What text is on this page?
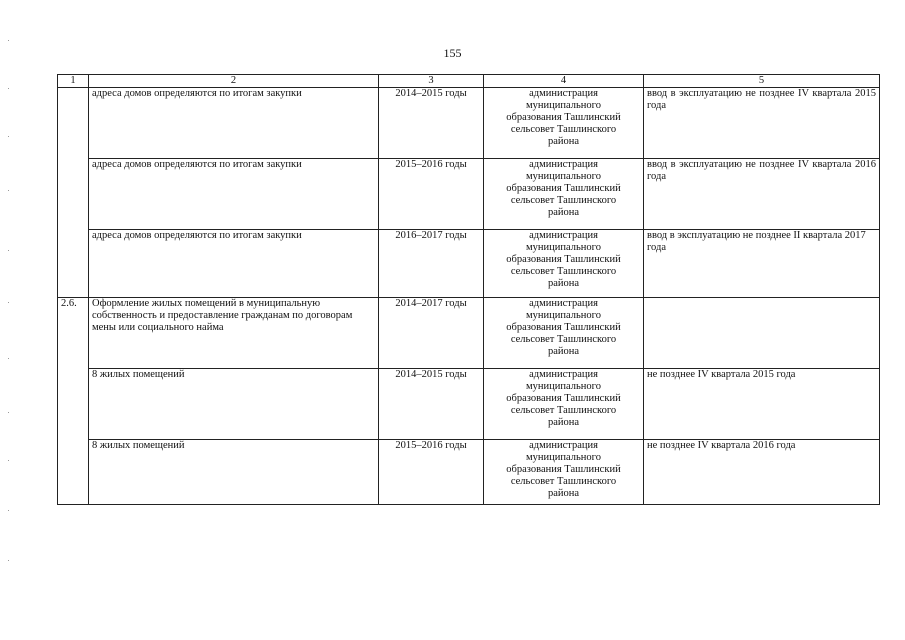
155
1	2	3	4	5
	адреса домов определяются по итогам закупки	2014–2015 годы	администрация
муниципального
образования Ташлинский
сельсовет Ташлинского
района	ввод в эксплуатацию не позднее IV квартала 2015 года
	адреса домов определяются по итогам закупки	2015–2016 годы	администрация
муниципального
образования Ташлинский
сельсовет Ташлинского
района	ввод в эксплуатацию не позднее IV квартала 2016 года
	адреса домов определяются по итогам закупки	2016–2017 годы	администрация
муниципального
образования Ташлинский
сельсовет Ташлинского
района	ввод в эксплуатацию не позднее II квартала 2017 года
2.6.	Оформление жилых помещений в муниципальную собственность и предоставление гражданам по договорам мены или социального найма	2014–2017 годы	администрация
муниципального
образования Ташлинский
сельсовет Ташлинского
района	

	8 жилых помещений	2014–2015 годы	администрация
муниципального
образования Ташлинский
сельсовет Ташлинского
района	не позднее IV квартала 2015 года
	8 жилых помещений	2015–2016 годы	администрация
муниципального
образования Ташлинский
сельсовет Ташлинского
района	не позднее IV квартала 2016 года
